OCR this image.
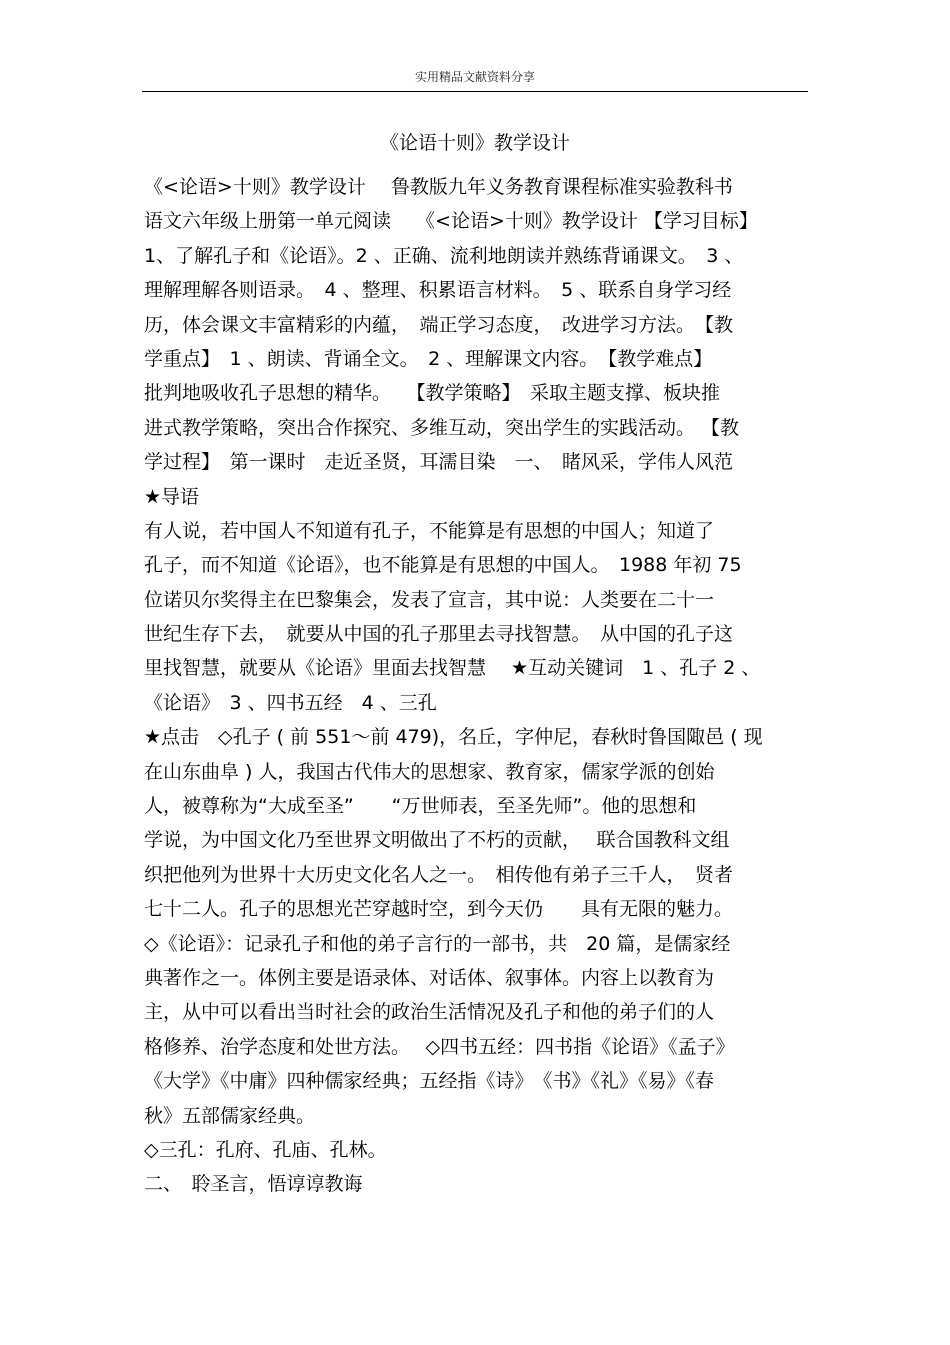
实用精品文献资料分享
《论语十则》教学设计
《<论语>十则》教学设计　 鲁教版九年义务教育课程标准实验教科书
语文六年级上册第一单元阅读　 《<论语>十则》教学设计 【学习目标】
1、了解孔子和《论语》。2 、正确、流利地朗读并熟练背诵课文。　3 、
理解理解各则语录。　4 、整理、积累语言材料。　5 、联系自身学习经
历，体会课文丰富精彩的内蕴，　端正学习态度，　改进学习方法。　【教
学重点】　1 、朗读、背诵全文。　2 、理解课文内容。　【教学难点】
批判地吸收孔子思想的精华。　 【教学策略】　采取主题支撑、板块推
进式教学策略，突出合作探究、多维互动，突出学生的实践活动。 【教
学过程】　第一课时　走近圣贤，耳濡目染　一、　睹风采，学伟人风范
★导语
有人说，若中国人不知道有孔子，不能算是有思想的中国人；知道了
孔子，而不知道《论语》，也不能算是有思想的中国人。　1988 年初 75
位诺贝尔奖得主在巴黎集会，发表了宣言，其中说：人类要在二十一
世纪生存下去，　就要从中国的孔子那里去寻找智慧。　从中国的孔子这
里找智慧，就要从《论语》里面去找智慧　 ★互动关键词　1 、孔子 2 、
《论语》　3 、四书五经　4 、三孔
★点击　◇孔子 ( 前 551～前 479)，名丘，字仲尼，春秋时鲁国陬邑 ( 现
在山东曲阜 ) 人，我国古代伟大的思想家、教育家，儒家学派的创始
人，被尊称为“大成至圣”　　“万世师表，至圣先师”。他的思想和
学说，为中国文化乃至世界文明做出了不朽的贡献，　 联合国教科文组
织把他列为世界十大历史文化名人之一。　相传他有弟子三千人，　贤者
七十二人。孔子的思想光芒穿越时空，到今天仍　　具有无限的魅力。
◇《论语》：记录孔子和他的弟子言行的一部书，共　20 篇，是儒家经
典著作之一。体例主要是语录体、对话体、叙事体。内容上以教育为
主，从中可以看出当时社会的政治生活情况及孔子和他的弟子们的人
格修养、治学态度和处世方法。　 ◇四书五经：四书指《论语》《孟子》
《大学》《中庸》四种儒家经典；五经指《诗》　《书》《礼》《易》《春
秋》五部儒家经典。
◇三孔：孔府、孔庙、孔林。
二、　聆圣言，悟谆谆教诲
